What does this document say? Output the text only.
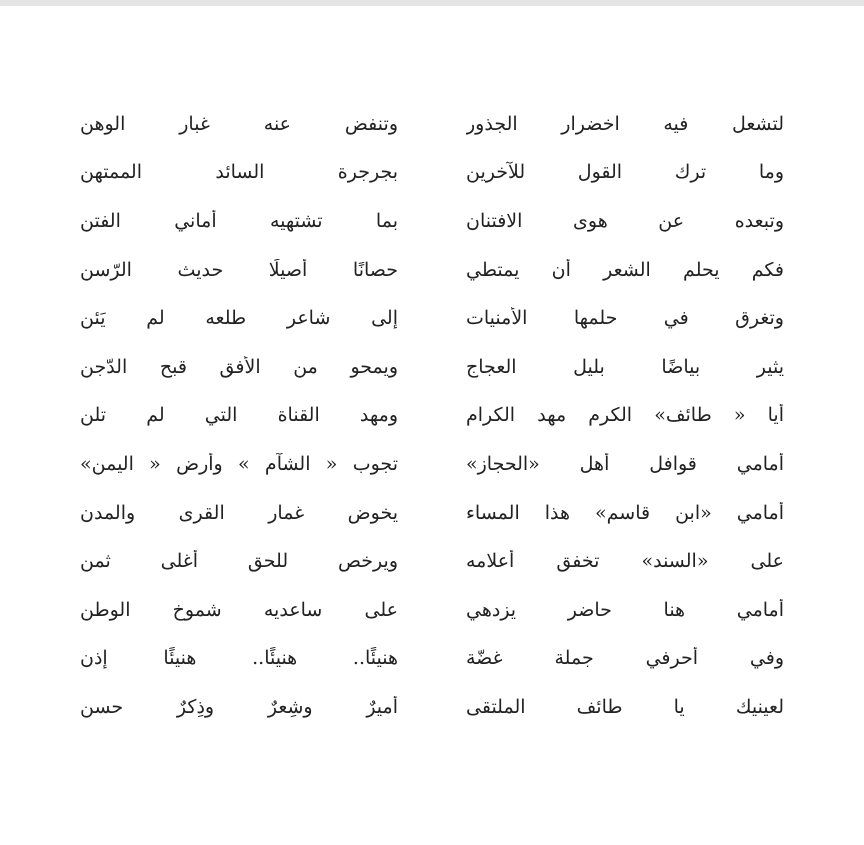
لتشعل فيه اخضرار الجذور
وتنفض عنه غبار الوهن
وما ترك القول للآخرين
بجرجرة السائد الممتهن
وتبعده عن هوى الافتنان
بما تشتهيه أماني الفتن
فكم يحلم الشعر أن يمتطي
حصانًا أصيلًا حديث الرّسن
وتغرق في حلمها الأمنيات
إلى شاعر طلعه لم يَئن
يثير بياضًا بليل العجاج
ويمحو من الأفق قبح الدّجن
أيا « طائف» الكرم مهد الكرام
ومهد القناة التي لم تلن
أمامي قوافل أهل «الحجاز»
تجوب « الشآم » وأرض « اليمن»
أمامي «ابن قاسم» هذا المساء
يخوض غمار القرى والمدن
على «السند» تخفق أعلامه
ويرخص للحق أغلى ثمن
أمامي هنا حاضر يزدهي
على ساعديه شموخ الوطن
وفي أحرفي جملة غضّة
هنيئًا.. هنيئًا.. هنيئًا إذن
لعينيك يا طائف الملتقى
أميرٌ وشِعرٌ وذِكرٌ حسن
